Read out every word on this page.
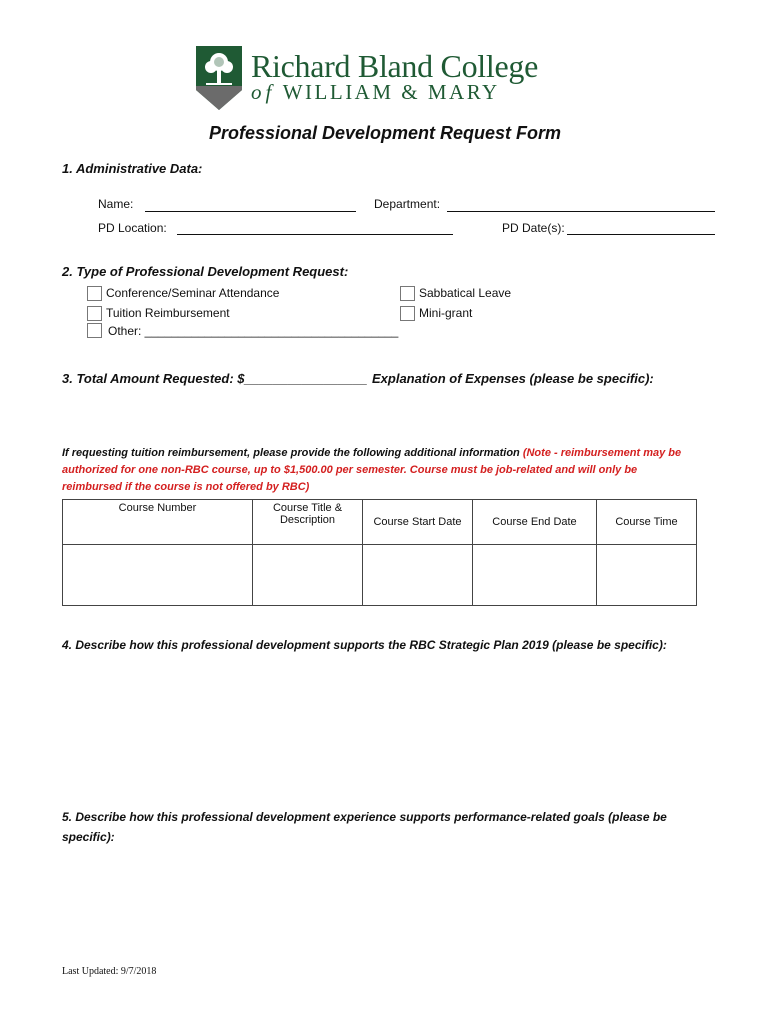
Richard Bland College
of WILLIAM & MARY
Professional Development Request Form
1. Administrative Data:
Name:	Department:
PD Location:	PD Date(s):
2. Type of Professional Development Request:
Conference/Seminar Attendance
Tuition Reimbursement
Other: ______________________________________
Sabbatical Leave
Mini-grant
3. Total Amount Requested: $_________________ Explanation of Expenses (please be specific):
If requesting tuition reimbursement, please provide the following additional information (Note - reimbursement may be authorized for one non-RBC course, up to $1,500.00 per semester. Course must be job-related and will only be reimbursed if the course is not offered by RBC)
Course Number	Course Title & Description	Course Start Date	Course End Date	Course Time

4. Describe how this professional development supports the RBC Strategic Plan 2019 (please be specific):
5. Describe how this professional development experience supports performance-related goals (please be specific):
Last Updated: 9/7/2018
